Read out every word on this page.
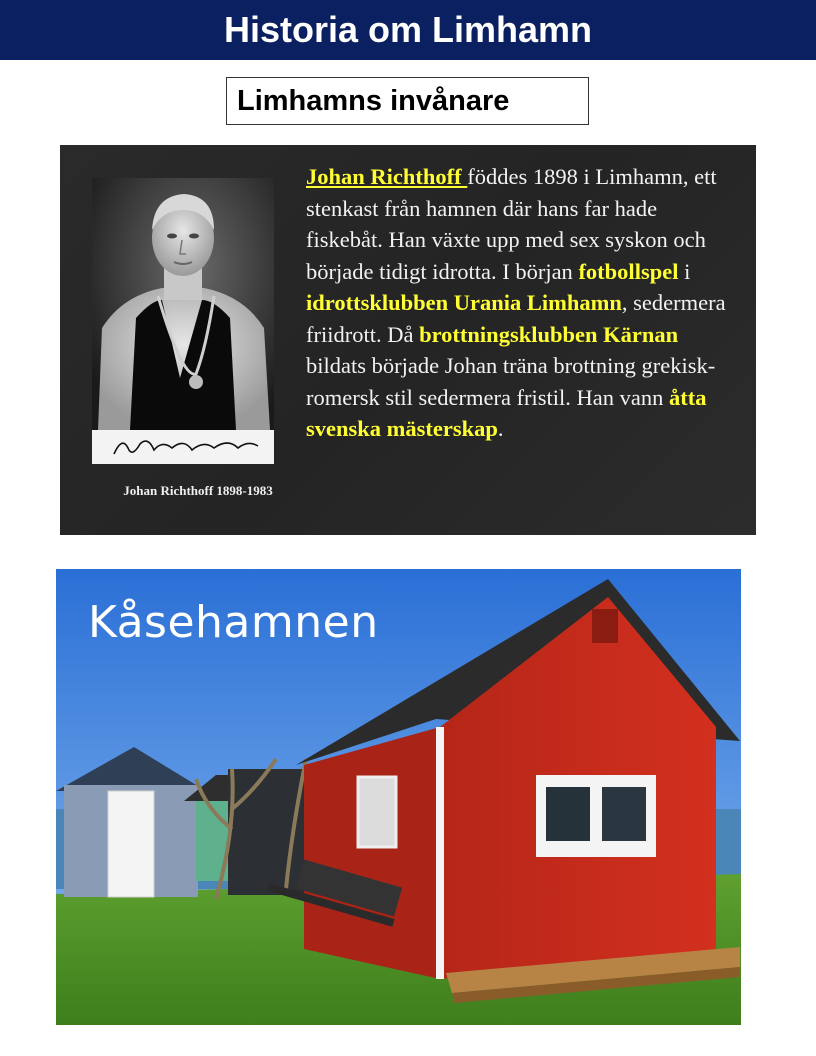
Historia om Limhamn
Limhamns invånare
Johan Richthoff 1898-1983
Johan Richthoff föddes 1898 i Limhamn, ett stenkast från hamnen där hans far hade fiskebåt. Han växte upp med sex syskon och började tidigt idrotta. I början fotbollspel i idrottsklubben Urania Limhamn, sedermera friidrott. Då brottningsklubben Kärnan bildats började Johan träna brottning grekisk-romersk stil sedermera fristil. Han vann åtta svenska mästerskap.
Kåsehamnen
